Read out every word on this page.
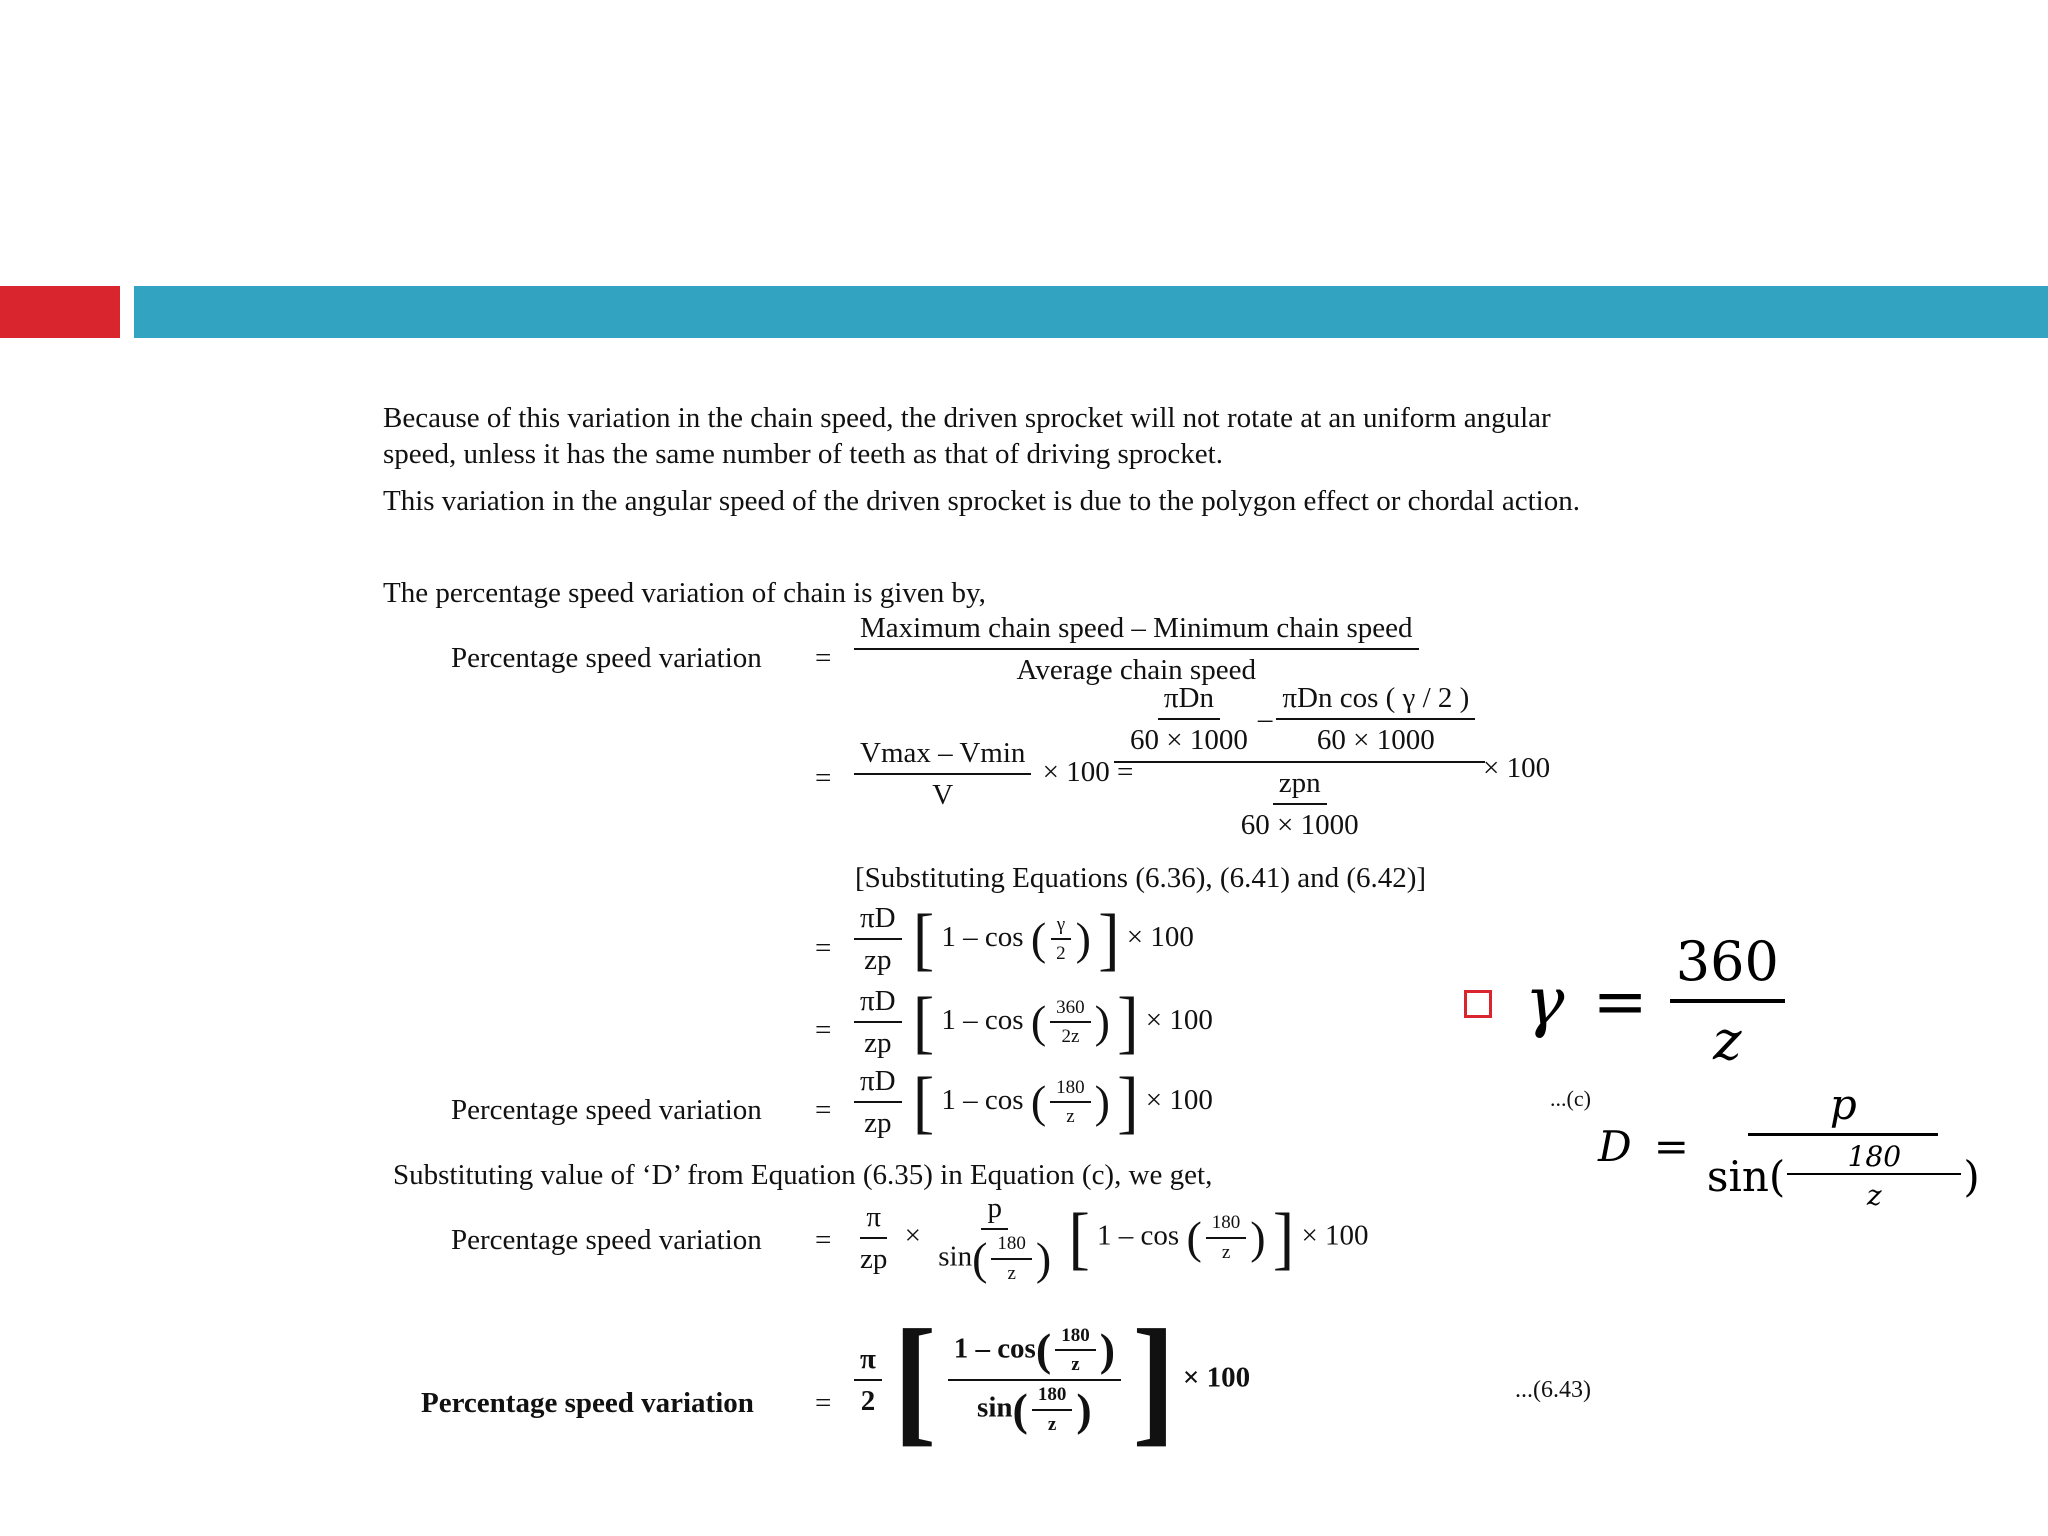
Because of this variation in the chain speed, the driven sprocket will not rotate at an uniform angular speed, unless it has the same number of teeth as that of driving sprocket.
This variation in the angular speed of the driven sprocket is due to the polygon effect or chordal action.
The percentage speed variation of chain is given by,
Percentage speed variation = $\frac{\text{Maximum chain speed – Minimum chain speed}}{\text{Average chain speed}}$
= $\frac{Vmax - Vmin}{V} \times 100$ =
$\frac{\text{πDn}}{60 \times 1000} - \frac{\text{πDn cos ( γ / 2 )}}{60 \times 1000}$
$\frac{\text{zpn}}{60 \times 1000}$	× 100
[Substituting Equations (6.36), (6.41) and (6.42)]
= $\frac{\pi D}{zp}$ [ 1 – cos ( $\frac{\gamma}{2}$ ) ] × 100
= $\frac{\pi D}{zp}$ [ 1 – cos ( $\frac{360}{2z}$ ) ] × 100
Percentage speed variation = $\frac{\pi D}{zp}$ [ 1 – cos ( $\frac{180}{z}$ ) ] × 100	...(c)
Substituting value of ‘D’ from Equation (6.35) in Equation (c), we get,
Percentage speed variation = $\frac{\pi}{zp} \times \frac{p}{\sin( \frac{180}{z} )}$ [ 1 – cos ( $\frac{180}{z}$ ) ] × 100
Percentage speed variation = $\frac{\pi}{2}$ [ $\frac{1 - \cos( \frac{180}{z} )}{\sin( \frac{180}{z} )}$ ] × 100	...(6.43)
$\gamma = \frac{360}{z}$
$D = \frac{p}{\sin( \frac{180}{z} )}$
